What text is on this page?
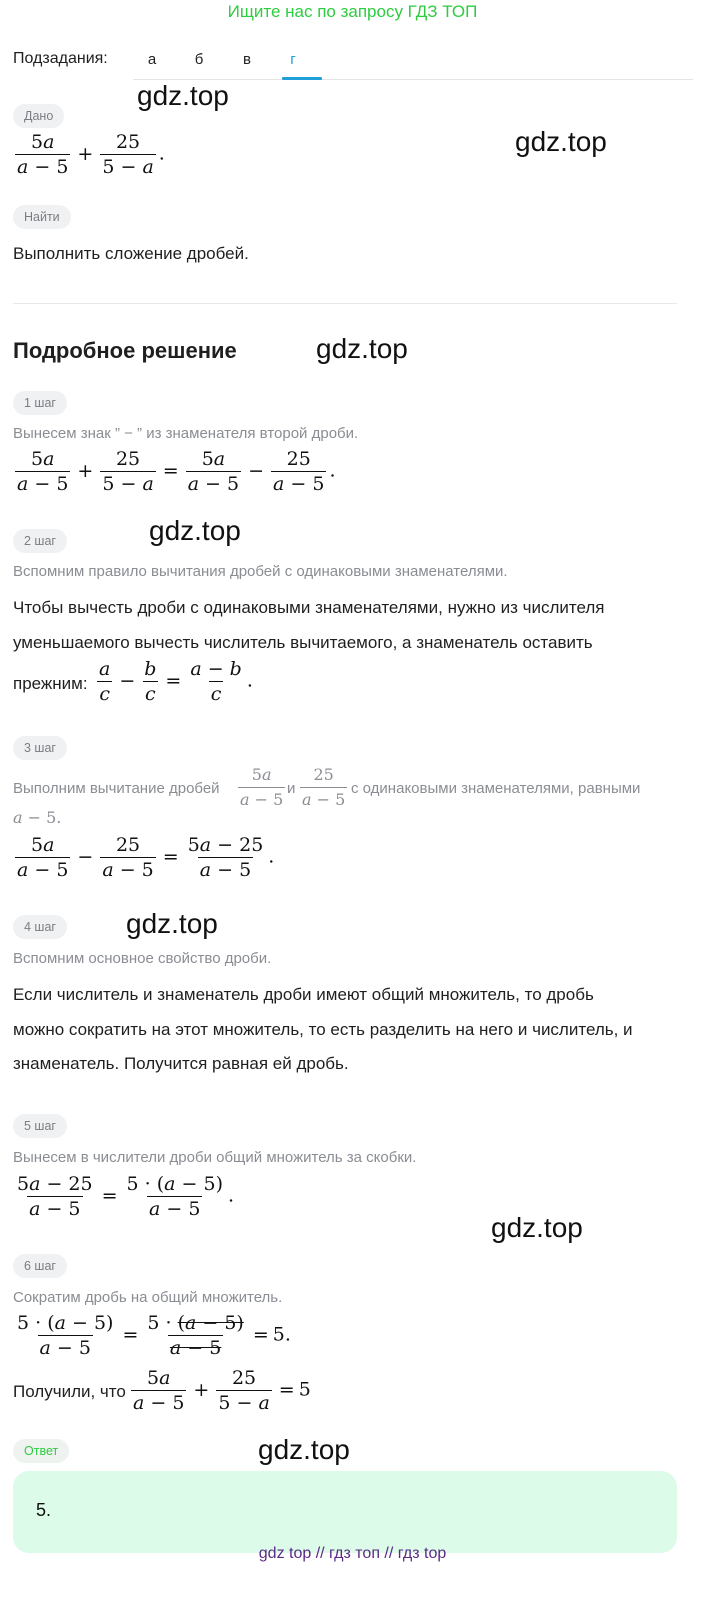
Ищите нас по запросу ГДЗ ТОП
Подзадания:	а	б	в	г
gdz.top
gdz.top
gdz.top
gdz.top
gdz.top
gdz.top
gdz.top
Дано
$\frac{5a}{a - 5} + \frac{25}{5 - a}$ .
Найти
Выполнить сложение дробей.
Подробное решение
1 шаг
Вынесем знак ” − ” из знаменателя второй дроби.
$\frac{5a}{a - 5} + \frac{25}{5 - a} = \frac{5a}{a - 5} - \frac{25}{a - 5}$ .
2 шаг
Вспомним правило вычитания дробей с одинаковыми знаменателями.
Чтобы вычесть дроби с одинаковыми знаменателями, нужно из числителя
уменьшаемого вычесть числитель вычитаемого, а знаменатель оставить
прежним: $\frac{a}{c} - \frac{b}{c} = \frac{a - b}{c}$ .
3 шаг
Выполним вычитание дробей $\frac{5a}{a - 5}$ и $\frac{25}{a - 5}$ с одинаковыми знаменателями, равными
a − 5.
$\frac{5a}{a - 5} - \frac{25}{a - 5} = \frac{5a - 25}{a - 5}$ .
4 шаг
Вспомним основное свойство дроби.
Если числитель и знаменатель дроби имеют общий множитель, то дробь
можно сократить на этот множитель, то есть разделить на него и числитель, и
знаменатель. Получится равная ей дробь.
5 шаг
Вынесем в числители дроби общий множитель за скобки.
$\frac{5a - 25}{a - 5} = \frac{5 \cdot (a - 5)}{a - 5}$ .
6 шаг
Сократим дробь на общий множитель.
$\frac{5 \cdot (a - 5)}{a - 5} = \frac{5 \cdot (a - 5)}{a - 5} = 5$.
Получили, что $\frac{5a}{a - 5} + \frac{25}{5 - a} = 5$
Ответ
5.
gdz top // гдз топ // гдз top
